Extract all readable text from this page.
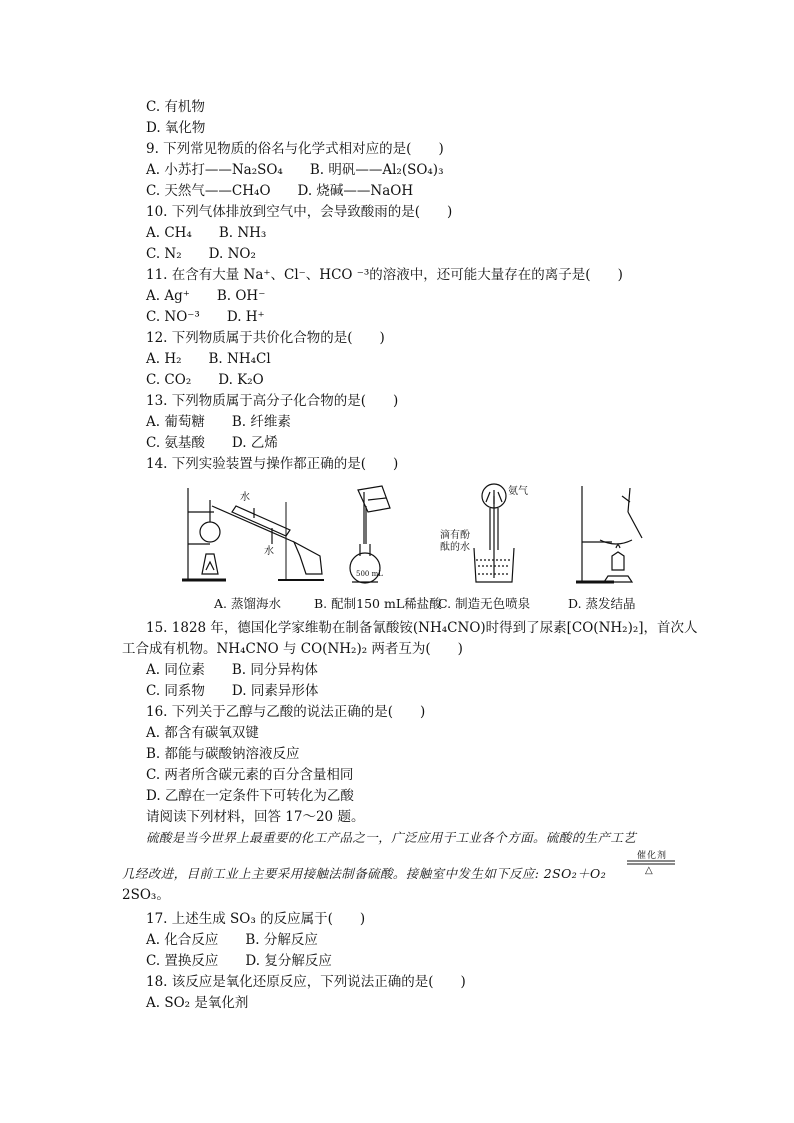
C. 有机物
D. 氧化物
9. 下列常见物质的俗名与化学式相对应的是(　　)
A. 小苏打——Na₂SO₄　　B. 明矾——Al₂(SO₄)₃
C. 天然气——CH₄O　　D. 烧碱——NaOH
10. 下列气体排放到空气中，会导致酸雨的是(　　)
A. CH₄　　B. NH₃
C. N₂　　D. NO₂
11. 在含有大量 Na⁺、Cl⁻、HCO ⁻³的溶液中，还可能大量存在的离子是(　　)
A. Ag⁺　　B. OH⁻
C. NO⁻³　　D. H⁺
12. 下列物质属于共价化合物的是(　　)
A. H₂　　B. NH₄Cl
C. CO₂　　D. K₂O
13. 下列物质属于高分子化合物的是(　　)
A. 葡萄糖　　B. 纤维素
C. 氨基酸　　D. 乙烯
14. 下列实验装置与操作都正确的是(　　)
水
水
500 mL
氨气
滴有酚
酞的水
A. 蒸馏海水	B. 配制150 mL稀盐酸
C. 制造无色喷泉	D. 蒸发结晶
15. 1828 年，德国化学家维勒在制备氰酸铵(NH₄CNO)时得到了尿素[CO(NH₂)₂]，首次人
工合成有机物。NH₄CNO 与 CO(NH₂)₂ 两者互为(　　)
A. 同位素　　B. 同分异构体
C. 同系物　　D. 同素异形体
16. 下列关于乙醇与乙酸的说法正确的是(　　)
A. 都含有碳氧双键
B. 都能与碳酸钠溶液反应
C. 两者所含碳元素的百分含量相同
D. 乙醇在一定条件下可转化为乙酸
请阅读下列材料，回答 17～20 题。
硫酸是当今世界上最重要的化工产品之一，广泛应用于工业各个方面。硫酸的生产工艺
几经改进，目前工业上主要采用接触法制备硫酸。接触室中发生如下反应: 2SO₂＋O₂
催化剂
△
2SO₃。
17. 上述生成 SO₃ 的反应属于(　　)
A. 化合反应　　B. 分解反应
C. 置换反应　　D. 复分解反应
18. 该反应是氧化还原反应，下列说法正确的是(　　)
A. SO₂ 是氧化剂
